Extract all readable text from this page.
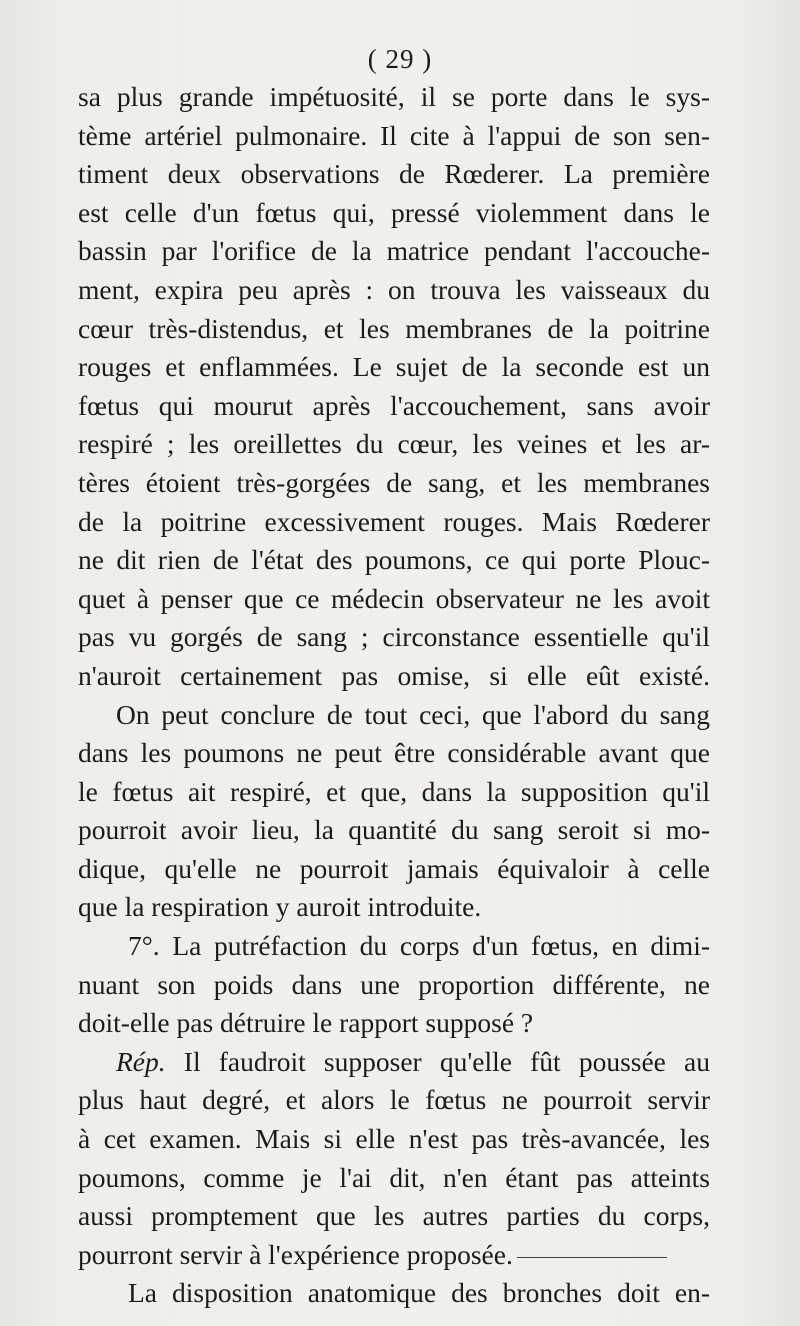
( 29 )
sa plus grande impétuosité, il se porte dans le sys-
tème artériel pulmonaire. Il cite à l'appui de son sen-
timent deux observations de Rœderer. La première
est celle d'un fœtus qui, pressé violemment dans le
bassin par l'orifice de la matrice pendant l'accouche-
ment, expira peu après : on trouva les vaisseaux du
cœur très-distendus, et les membranes de la poitrine
rouges et enflammées. Le sujet de la seconde est un
fœtus qui mourut après l'accouchement, sans avoir
respiré ; les oreillettes du cœur, les veines et les ar-
tères étoient très-gorgées de sang, et les membranes
de la poitrine excessivement rouges. Mais Rœderer
ne dit rien de l'état des poumons, ce qui porte Plouc-
quet à penser que ce médecin observateur ne les avoit
pas vu gorgés de sang ; circonstance essentielle qu'il
n'auroit certainement pas omise, si elle eût existé.
On peut conclure de tout ceci, que l'abord du sang
dans les poumons ne peut être considérable avant que
le fœtus ait respiré, et que, dans la supposition qu'il
pourroit avoir lieu, la quantité du sang seroit si mo-
dique, qu'elle ne pourroit jamais équivaloir à celle
que la respiration y auroit introduite.
7°. La putréfaction du corps d'un fœtus, en dimi-
nuant son poids dans une proportion différente, ne
doit-elle pas détruire le rapport supposé ?
Rép. Il faudroit supposer qu'elle fût poussée au
plus haut degré, et alors le fœtus ne pourroit servir
à cet examen. Mais si elle n'est pas très-avancée, les
poumons, comme je l'ai dit, n'en étant pas atteints
aussi promptement que les autres parties du corps,
pourront servir à l'expérience proposée.
La disposition anatomique des bronches doit en-
